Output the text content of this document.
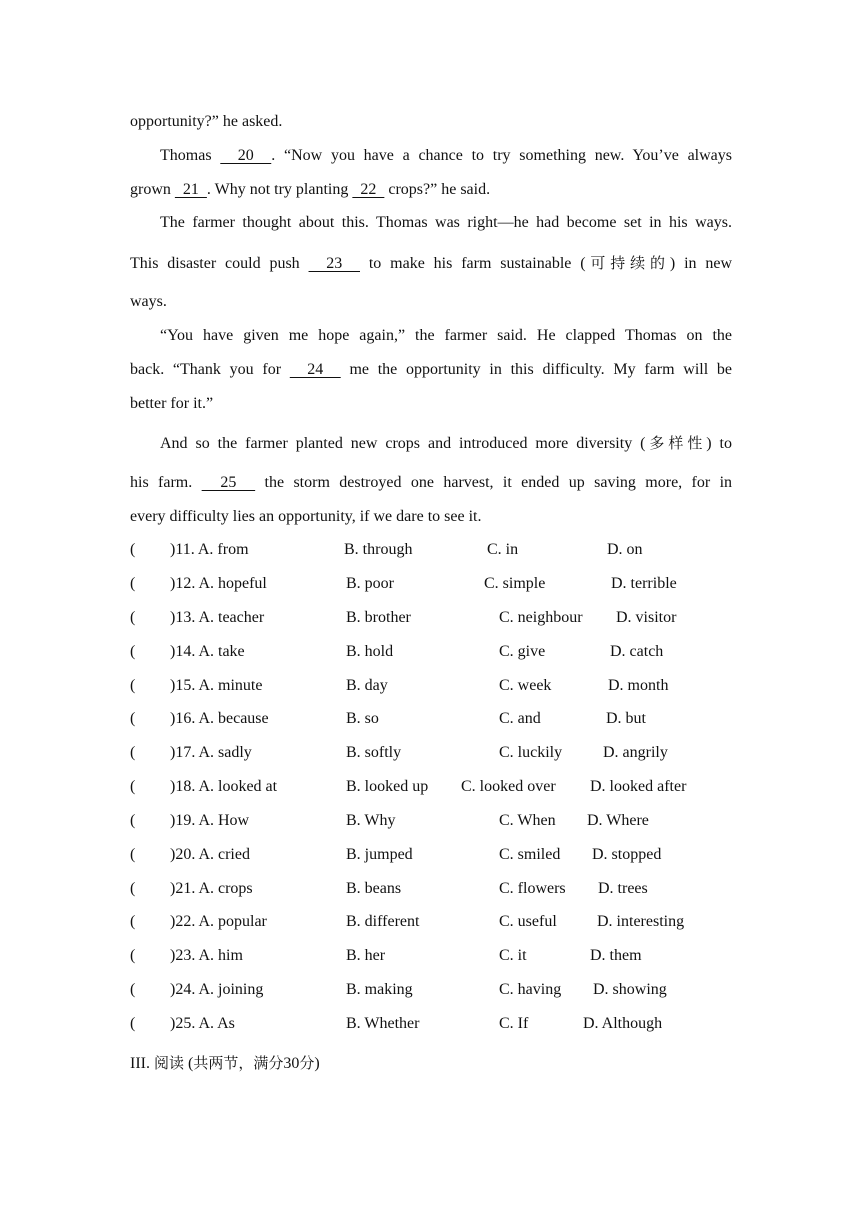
opportunity?” he asked.
Thomas   20  . “Now you have a chance to try something new. You’ve always
grown   21  . Why not try planting   22   crops?” he said.
The farmer thought about this. Thomas was right—he had become set in his ways.
This disaster could push   23   to make his farm sustainable (可持续的) in new
ways.
“You have given me hope again,” the farmer said. He clapped Thomas on the
back. “Thank you for   24   me the opportunity in this difficulty. My farm will be
better for it.”
And so the farmer planted new crops and introduced more diversity (多样性) to
his farm.   25   the storm destroyed one harvest, it ended up saving more, for in
every difficulty lies an opportunity, if we dare to see it.
( )11. A. from	B. through	C. in	D. on
( )12. A. hopeful	B. poor	C. simple	D. terrible
( )13. A. teacher	B. brother	C. neighbour D. visitor
( )14. A. take	B. hold	C. give	D. catch
( )15. A. minute	B. day	C. week	D. month
( )16. A. because	B. so	C. and	D. but
( )17. A. sadly	B. softly	C. luckily	D. angrily
( )18. A. looked at	B. looked up C. looked over D. looked after
( )19. A. How	B. Why	C. When D. Where
( )20. A. cried	B. jumped	C. smiled D. stopped
( )21. A. crops	B. beans	C. flowers D. trees
( )22. A. popular	B. different	C. useful	D. interesting
( )23. A. him	B. her	C. it	D. them
( )24. A. joining	B. making	C. having D. showing
( )25. A. As	B. Whether	C. If	D. Although
III. 阅读 (共两节，满分30分)
